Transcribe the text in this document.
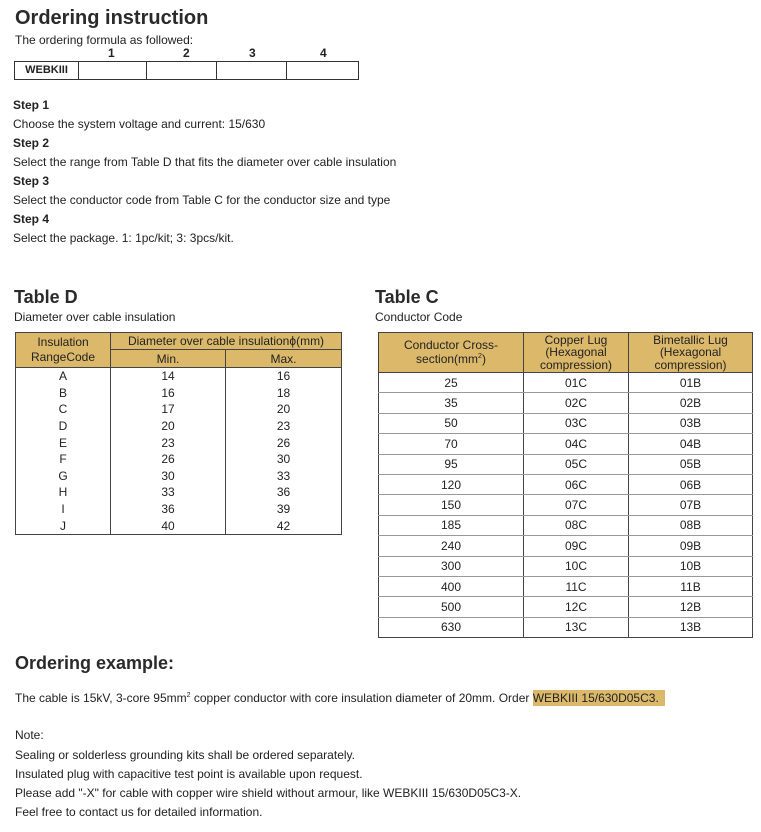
Ordering instruction
The ordering formula as followed:
1	2	3	4
WEBKIII				
Step 1
Choose the system voltage and current: 15/630
Step 2
Select the range from Table D that fits the diameter over cable insulation
Step 3
Select the conductor code from Table C for the conductor size and type
Step 4
Select the package. 1: 1pc/kit; 3: 3pcs/kit.
Table D
Diameter over cable insulation
Insulation RangeCode	Diameter over cable insulationϕ(mm)	
	Min.	Max.
A	14	16
B	16	18
C	17	20
D	20	23
E	23	26
F	26	30
G	30	33
H	33	36
I	36	39
J	40	42
Table C
Conductor Code
Conductor Cross-$section(mm^2)$	Copper Lug (Hexagonal compression)	Bimetallic Lug (Hexagonal compression)
25	01C	01B
35	02C	02B
50	03C	03B
70	04C	04B
95	05C	05B
120	06C	06B
150	07C	07B
185	08C	08B
240	09C	09B
300	10C	10B
400	11C	11B
500	12C	12B
630	13C	13B
Ordering example:
The cable is 15kV, 3-core $95mm^2$ copper conductor with core insulation diameter of 20mm. Order WEBKIII 15/630D05C3.
Note:
Sealing or solderless grounding kits shall be ordered separately.
Insulated plug with capacitive test point is available upon request.
Please add "-X" for cable with copper wire shield without armour, like WEBKIII 15/630D05C3-X.
Feel free to contact us for detailed information.
